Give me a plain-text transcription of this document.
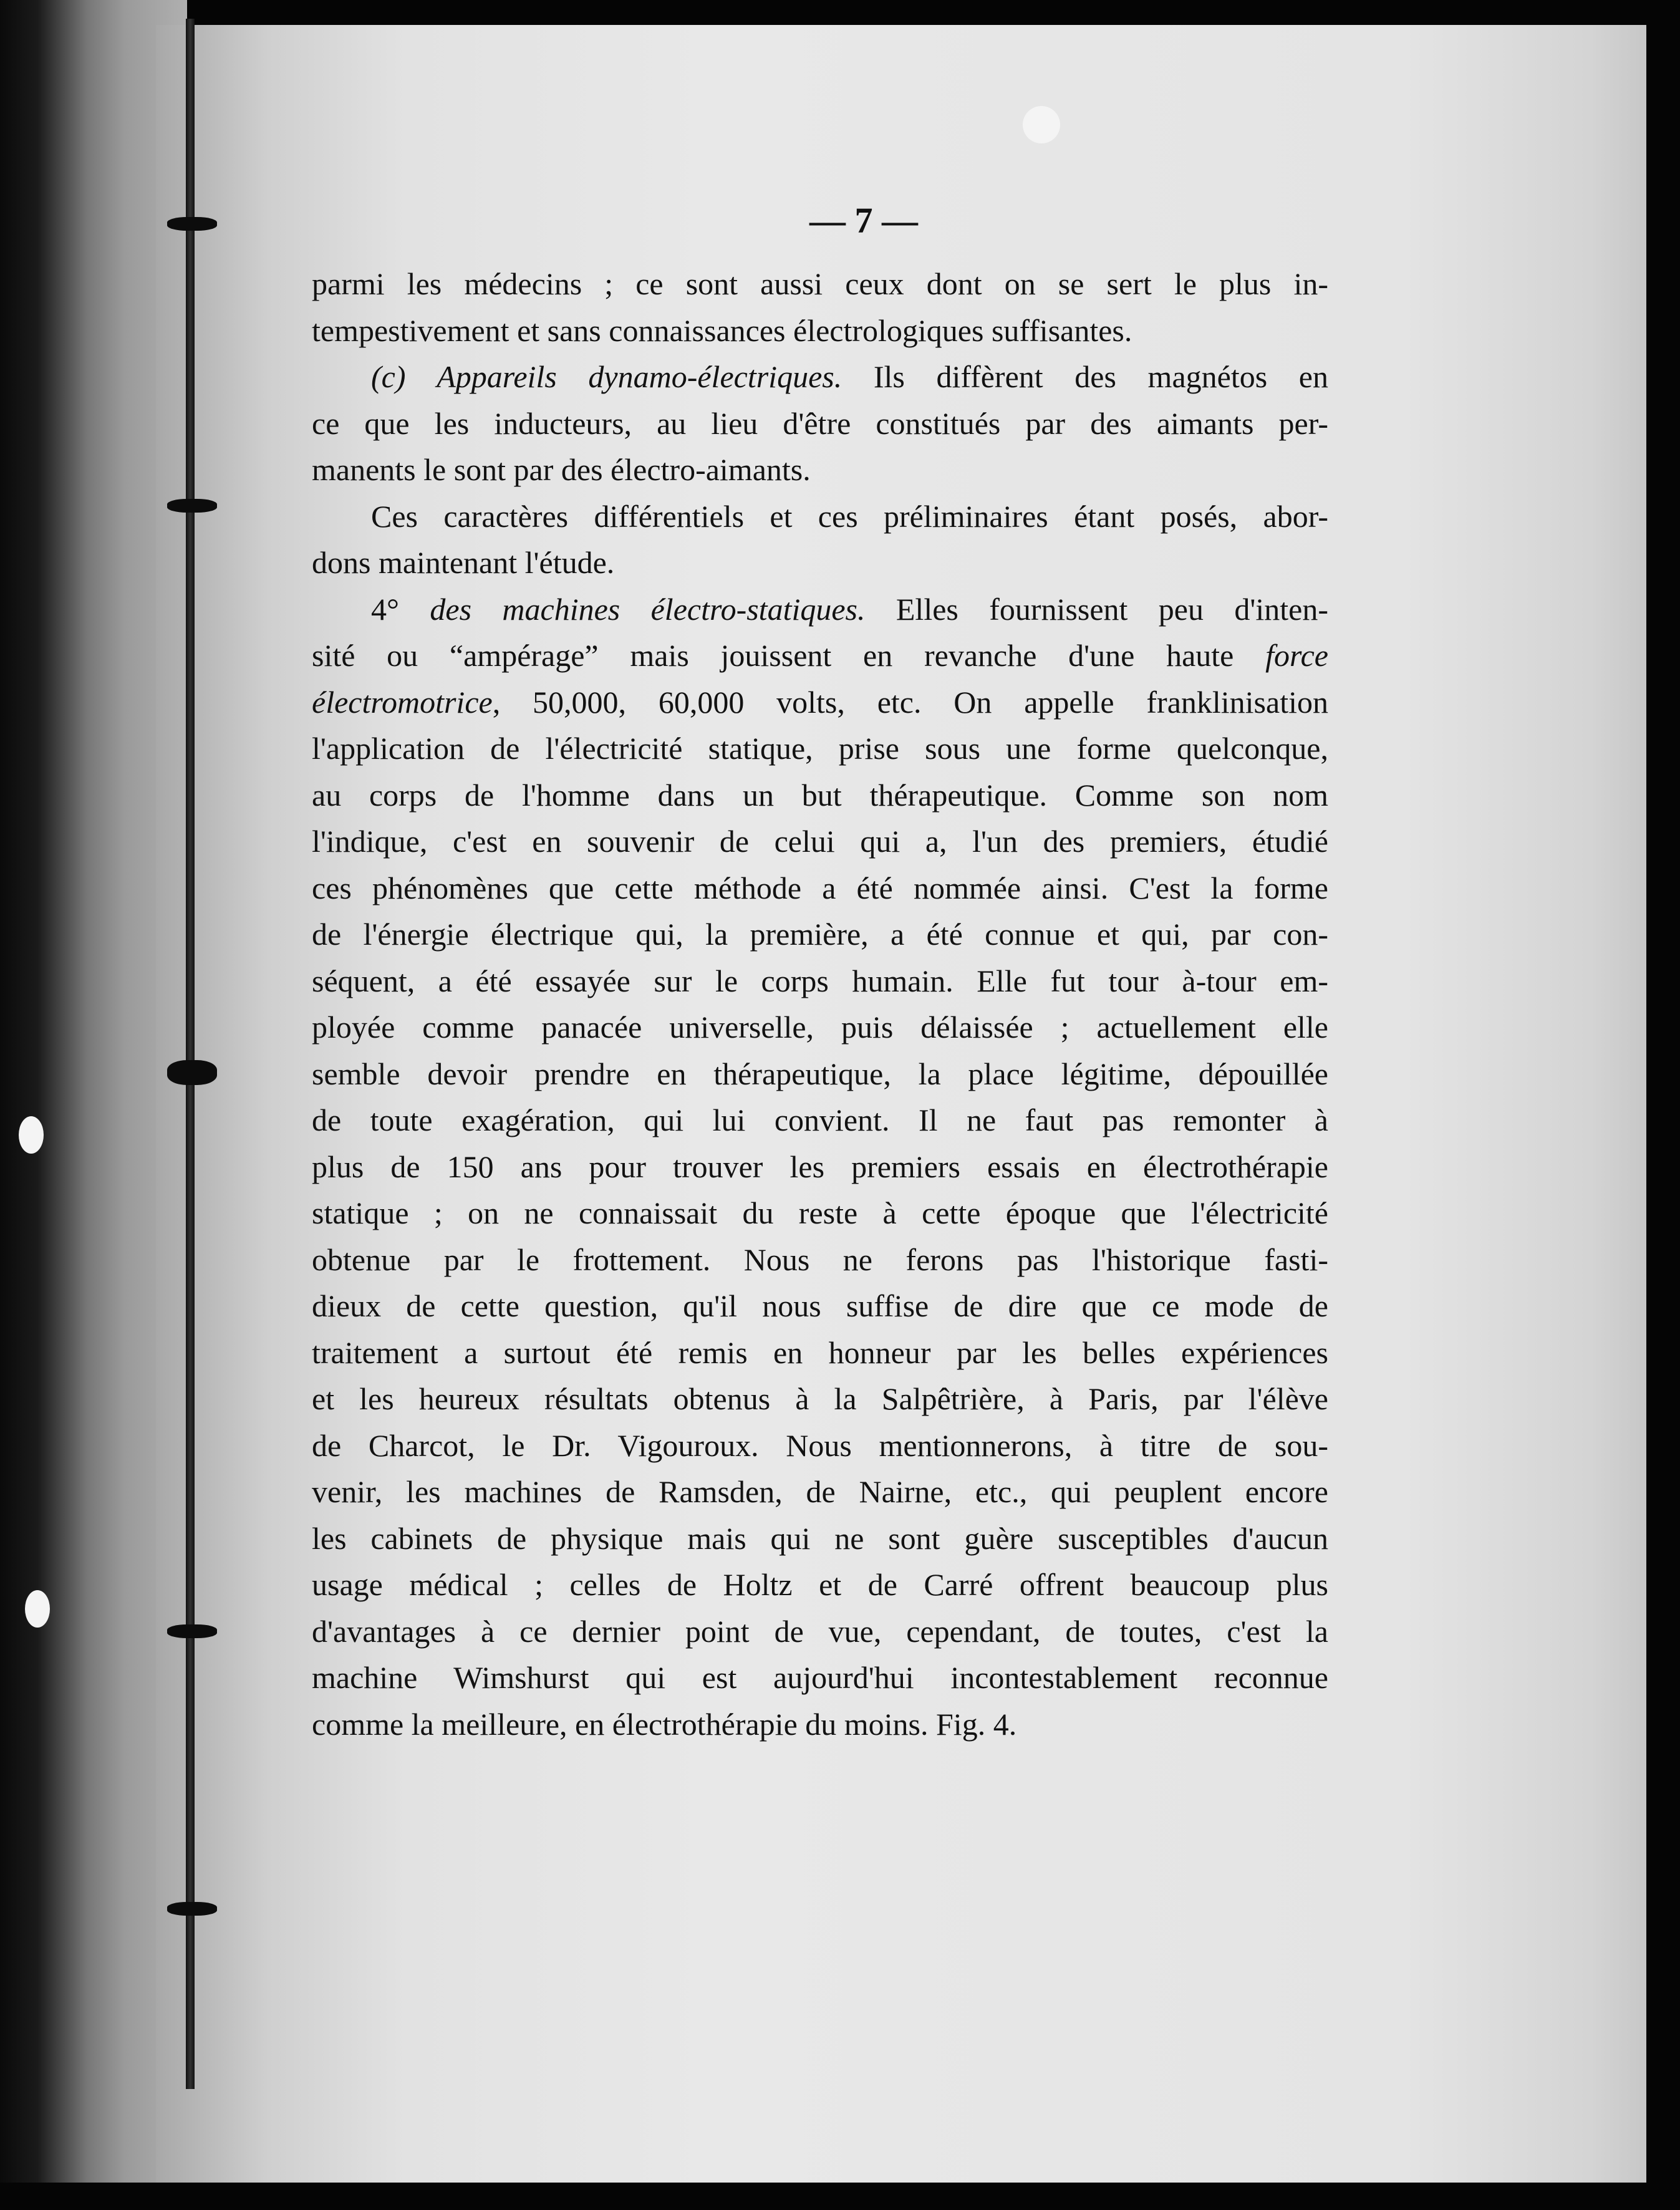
— 7 —

parmi les médecins ; ce sont aussi ceux dont on se sert le plus in-
tempestivement et sans connaissances électrologiques suffisantes.

(c) Appareils dynamo-électriques. Ils diffèrent des magnétos en
ce que les inducteurs, au lieu d'être constitués par des aimants per-
manents le sont par des électro-aimants.

Ces caractères différentiels et ces préliminaires étant posés, abor-
dons maintenant l'étude.

4° des machines électro-statiques. Elles fournissent peu d'inten-
sité ou “ampérage” mais jouissent en revanche d'une haute force
électromotrice, 50,000, 60,000 volts, etc. On appelle franklinisation
l'application de l'électricité statique, prise sous une forme quelconque,
au corps de l'homme dans un but thérapeutique. Comme son nom
l'indique, c'est en souvenir de celui qui a, l'un des premiers, étudié
ces phénomènes que cette méthode a été nommée ainsi. C'est la forme
de l'énergie électrique qui, la première, a été connue et qui, par con-
séquent, a été essayée sur le corps humain. Elle fut tour à-tour em-
ployée comme panacée universelle, puis délaissée ; actuellement elle
semble devoir prendre en thérapeutique, la place légitime, dépouillée
de toute exagération, qui lui convient. Il ne faut pas remonter à
plus de 150 ans pour trouver les premiers essais en électrothérapie
statique ; on ne connaissait du reste à cette époque que l'électricité
obtenue par le frottement. Nous ne ferons pas l'historique fasti-
dieux de cette question, qu'il nous suffise de dire que ce mode de
traitement a surtout été remis en honneur par les belles expériences
et les heureux résultats obtenus à la Salpêtrière, à Paris, par l'élève
de Charcot, le Dr. Vigouroux. Nous mentionnerons, à titre de sou-
venir, les machines de Ramsden, de Nairne, etc., qui peuplent encore
les cabinets de physique mais qui ne sont guère susceptibles d'aucun
usage médical ; celles de Holtz et de Carré offrent beaucoup plus
d'avantages à ce dernier point de vue, cependant, de toutes, c'est la
machine Wimshurst qui est aujourd'hui incontestablement reconnue
comme la meilleure, en électrothérapie du moins. Fig. 4.
